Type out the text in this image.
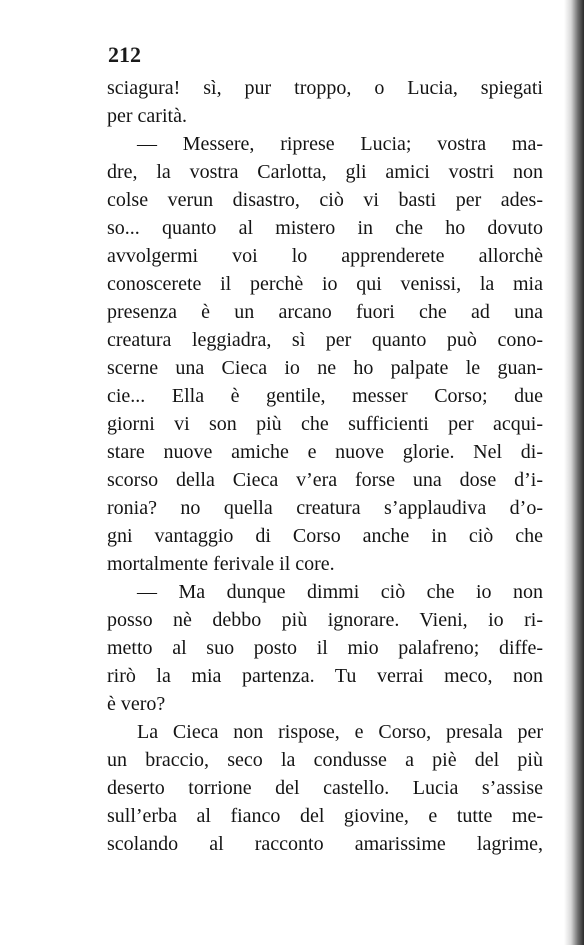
212
sciagura! sì, pur troppo, o Lucia, spiegati
per carità.
— Messere, riprese Lucia; vostra ma-
dre, la vostra Carlotta, gli amici vostri non
colse verun disastro, ciò vi basti per ades-
so... quanto al mistero in che ho dovuto
avvolgermi voi lo apprenderete allorchè
conoscerete il perchè io qui venissi, la mia
presenza è un arcano fuori che ad una
creatura leggiadra, sì per quanto può cono-
scerne una Cieca io ne ho palpate le guan-
cie... Ella è gentile, messer Corso; due
giorni vi son più che sufficienti per acqui-
stare nuove amiche e nuove glorie. Nel di-
scorso della Cieca v’era forse una dose d’i-
ronia? no quella creatura s’applaudiva d’o-
gni vantaggio di Corso anche in ciò che
mortalmente ferivale il core.
— Ma dunque dimmi ciò che io non
posso nè debbo più ignorare. Vieni, io ri-
metto al suo posto il mio palafreno; diffe-
rirò la mia partenza. Tu verrai meco, non
è vero?
La Cieca non rispose, e Corso, presala per
un braccio, seco la condusse a piè del più
deserto torrione del castello. Lucia s’assise
sull’erba al fianco del giovine, e tutte me-
scolando al racconto amarissime lagrime,
